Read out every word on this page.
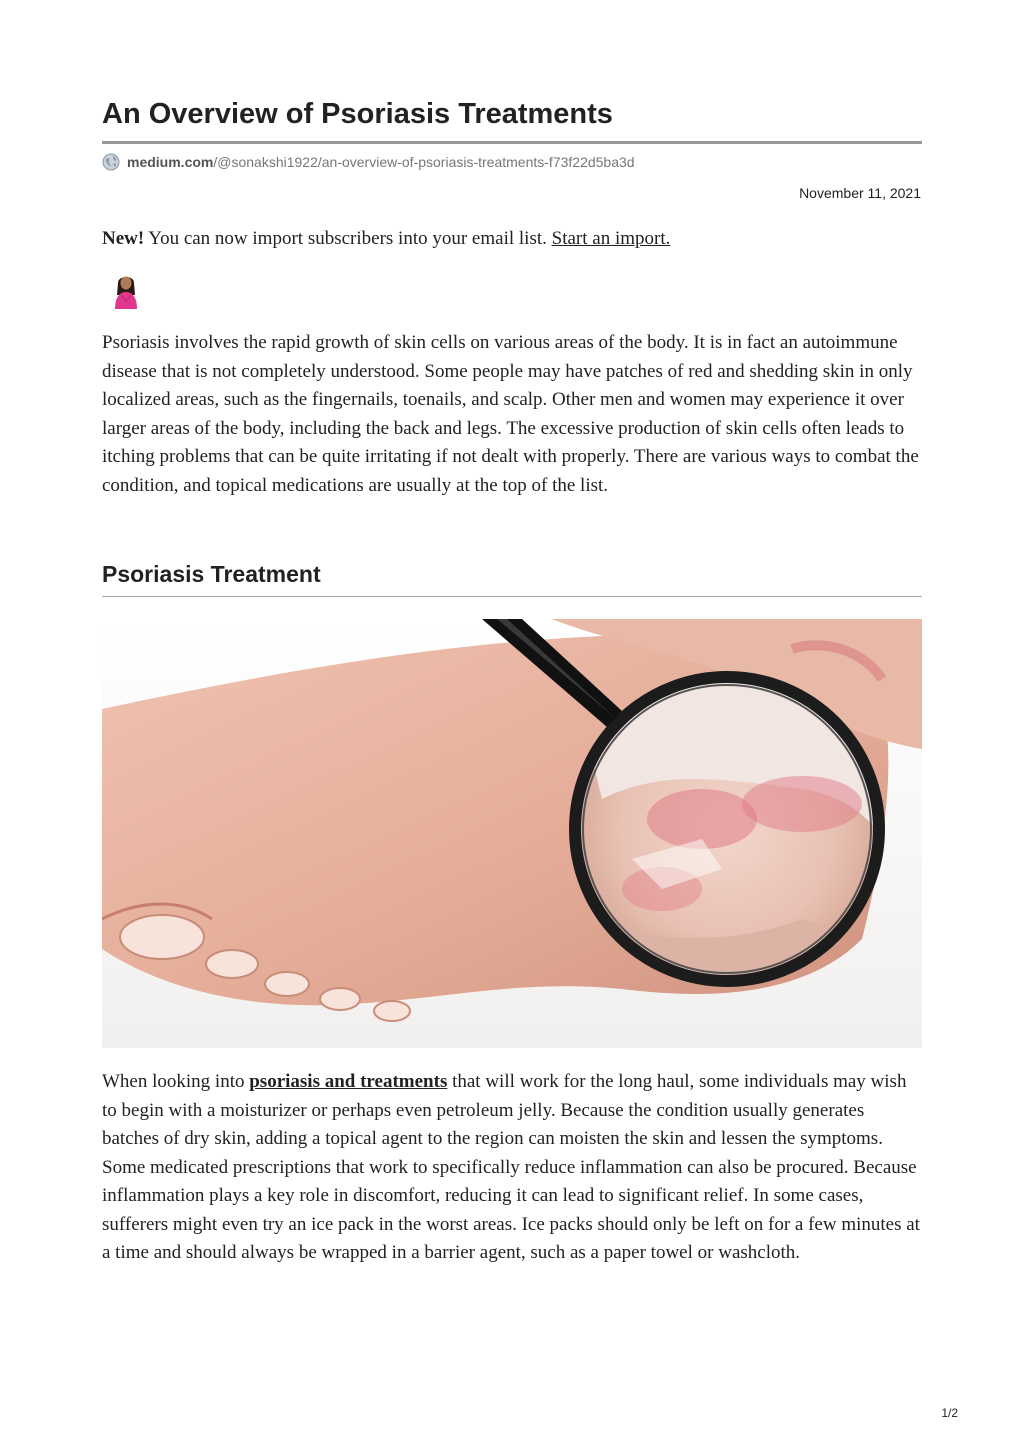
An Overview of Psoriasis Treatments
medium.com /@sonakshi1922/an-overview-of-psoriasis-treatments-f73f22d5ba3d
November 11, 2021
New! You can now import subscribers into your email list. Start an import.

Psoriasis involves the rapid growth of skin cells on various areas of the body. It is in fact an autoimmune disease that is not completely understood. Some people may have patches of red and shedding skin in only localized areas, such as the fingernails, toenails, and scalp. Other men and women may experience it over larger areas of the body, including the back and legs. The excessive production of skin cells often leads to itching problems that can be quite irritating if not dealt with properly. There are various ways to combat the condition, and topical medications are usually at the top of the list.

Psoriasis Treatment

When looking into psoriasis and treatments that will work for the long haul, some individuals may wish to begin with a moisturizer or perhaps even petroleum jelly. Because the condition usually generates batches of dry skin, adding a topical agent to the region can moisten the skin and lessen the symptoms. Some medicated prescriptions that work to specifically reduce inflammation can also be procured. Because inflammation plays a key role in discomfort, reducing it can lead to significant relief. In some cases, sufferers might even try an ice pack in the worst areas. Ice packs should only be left on for a few minutes at a time and should always be wrapped in a barrier agent, such as a paper towel or washcloth.

1/2
